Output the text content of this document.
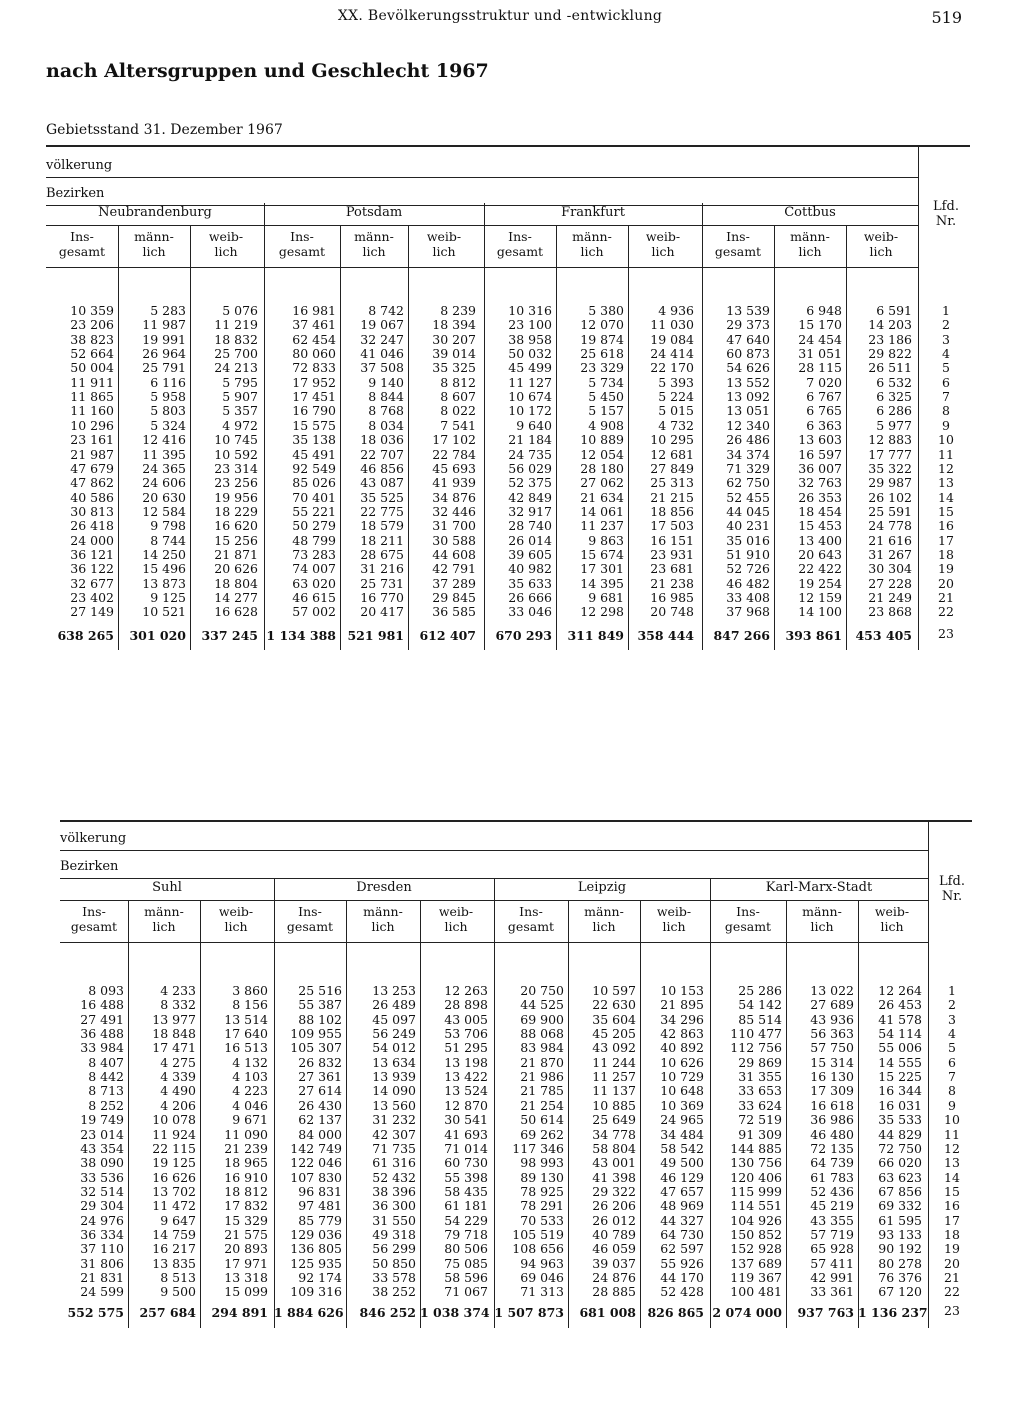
XX. Bevölkerungsstruktur und -entwicklung	519
nach Altersgruppen und Geschlecht 1967
Gebietsstand 31. Dezember 1967
völkerung
Bezirken
Lfd.
Nr.
Neubrandenburg
Ins-
gesamt
10 359
23 206
38 823
52 664
50 004
11 911
11 865
11 160
10 296
23 161
21 987
47 679
47 862
40 586
30 813
26 418
24 000
36 121
36 122
32 677
23 402
27 149
638 265
männ-
lich
5 283
11 987
19 991
26 964
25 791
6 116
5 958
5 803
5 324
12 416
11 395
24 365
24 606
20 630
12 584
9 798
8 744
14 250
15 496
13 873
9 125
10 521
301 020
weib-
lich
5 076
11 219
18 832
25 700
24 213
5 795
5 907
5 357
4 972
10 745
10 592
23 314
23 256
19 956
18 229
16 620
15 256
21 871
20 626
18 804
14 277
16 628
337 245
Potsdam
Ins-
gesamt
16 981
37 461
62 454
80 060
72 833
17 952
17 451
16 790
15 575
35 138
45 491
92 549
85 026
70 401
55 221
50 279
48 799
73 283
74 007
63 020
46 615
57 002
1 134 388
männ-
lich
8 742
19 067
32 247
41 046
37 508
9 140
8 844
8 768
8 034
18 036
22 707
46 856
43 087
35 525
22 775
18 579
18 211
28 675
31 216
25 731
16 770
20 417
521 981
weib-
lich
8 239
18 394
30 207
39 014
35 325
8 812
8 607
8 022
7 541
17 102
22 784
45 693
41 939
34 876
32 446
31 700
30 588
44 608
42 791
37 289
29 845
36 585
612 407
Frankfurt
Ins-
gesamt
10 316
23 100
38 958
50 032
45 499
11 127
10 674
10 172
9 640
21 184
24 735
56 029
52 375
42 849
32 917
28 740
26 014
39 605
40 982
35 633
26 666
33 046
670 293
männ-
lich
5 380
12 070
19 874
25 618
23 329
5 734
5 450
5 157
4 908
10 889
12 054
28 180
27 062
21 634
14 061
11 237
9 863
15 674
17 301
14 395
9 681
12 298
311 849
weib-
lich
4 936
11 030
19 084
24 414
22 170
5 393
5 224
5 015
4 732
10 295
12 681
27 849
25 313
21 215
18 856
17 503
16 151
23 931
23 681
21 238
16 985
20 748
358 444
Cottbus
Ins-
gesamt
13 539
29 373
47 640
60 873
54 626
13 552
13 092
13 051
12 340
26 486
34 374
71 329
62 750
52 455
44 045
40 231
35 016
51 910
52 726
46 482
33 408
37 968
847 266
männ-
lich
6 948
15 170
24 454
31 051
28 115
7 020
6 767
6 765
6 363
13 603
16 597
36 007
32 763
26 353
18 454
15 453
13 400
20 643
22 422
19 254
12 159
14 100
393 861
weib-
lich
6 591
14 203
23 186
29 822
26 511
6 532
6 325
6 286
5 977
12 883
17 777
35 322
29 987
26 102
25 591
24 778
21 616
31 267
30 304
27 228
21 249
23 868
453 405
1
2
3
4
5
6
7
8
9
10
11
12
13
14
15
16
17
18
19
20
21
22
23
völkerung
Bezirken
Lfd.
Nr.
Suhl
Ins-
gesamt
8 093
16 488
27 491
36 488
33 984
8 407
8 442
8 713
8 252
19 749
23 014
43 354
38 090
33 536
32 514
29 304
24 976
36 334
37 110
31 806
21 831
24 599
552 575
männ-
lich
4 233
8 332
13 977
18 848
17 471
4 275
4 339
4 490
4 206
10 078
11 924
22 115
19 125
16 626
13 702
11 472
9 647
14 759
16 217
13 835
8 513
9 500
257 684
weib-
lich
3 860
8 156
13 514
17 640
16 513
4 132
4 103
4 223
4 046
9 671
11 090
21 239
18 965
16 910
18 812
17 832
15 329
21 575
20 893
17 971
13 318
15 099
294 891
Dresden
Ins-
gesamt
25 516
55 387
88 102
109 955
105 307
26 832
27 361
27 614
26 430
62 137
84 000
142 749
122 046
107 830
96 831
97 481
85 779
129 036
136 805
125 935
92 174
109 316
1 884 626
männ-
lich
13 253
26 489
45 097
56 249
54 012
13 634
13 939
14 090
13 560
31 232
42 307
71 735
61 316
52 432
38 396
36 300
31 550
49 318
56 299
50 850
33 578
38 252
846 252
weib-
lich
12 263
28 898
43 005
53 706
51 295
13 198
13 422
13 524
12 870
30 541
41 693
71 014
60 730
55 398
58 435
61 181
54 229
79 718
80 506
75 085
58 596
71 067
1 038 374
Leipzig
Ins-
gesamt
20 750
44 525
69 900
88 068
83 984
21 870
21 986
21 785
21 254
50 614
69 262
117 346
98 993
89 130
78 925
78 291
70 533
105 519
108 656
94 963
69 046
71 313
1 507 873
männ-
lich
10 597
22 630
35 604
45 205
43 092
11 244
11 257
11 137
10 885
25 649
34 778
58 804
43 001
41 398
29 322
26 206
26 012
40 789
46 059
39 037
24 876
28 885
681 008
weib-
lich
10 153
21 895
34 296
42 863
40 892
10 626
10 729
10 648
10 369
24 965
34 484
58 542
49 500
46 129
47 657
48 969
44 327
64 730
62 597
55 926
44 170
52 428
826 865
Karl-Marx-Stadt
Ins-
gesamt
25 286
54 142
85 514
110 477
112 756
29 869
31 355
33 653
33 624
72 519
91 309
144 885
130 756
120 406
115 999
114 551
104 926
150 852
152 928
137 689
119 367
100 481
2 074 000
männ-
lich
13 022
27 689
43 936
56 363
57 750
15 314
16 130
17 309
16 618
36 986
46 480
72 135
64 739
61 783
52 436
45 219
43 355
57 719
65 928
57 411
42 991
33 361
937 763
weib-
lich
12 264
26 453
41 578
54 114
55 006
14 555
15 225
16 344
16 031
35 533
44 829
72 750
66 020
63 623
67 856
69 332
61 595
93 133
90 192
80 278
76 376
67 120
1 136 237
1
2
3
4
5
6
7
8
9
10
11
12
13
14
15
16
17
18
19
20
21
22
23
